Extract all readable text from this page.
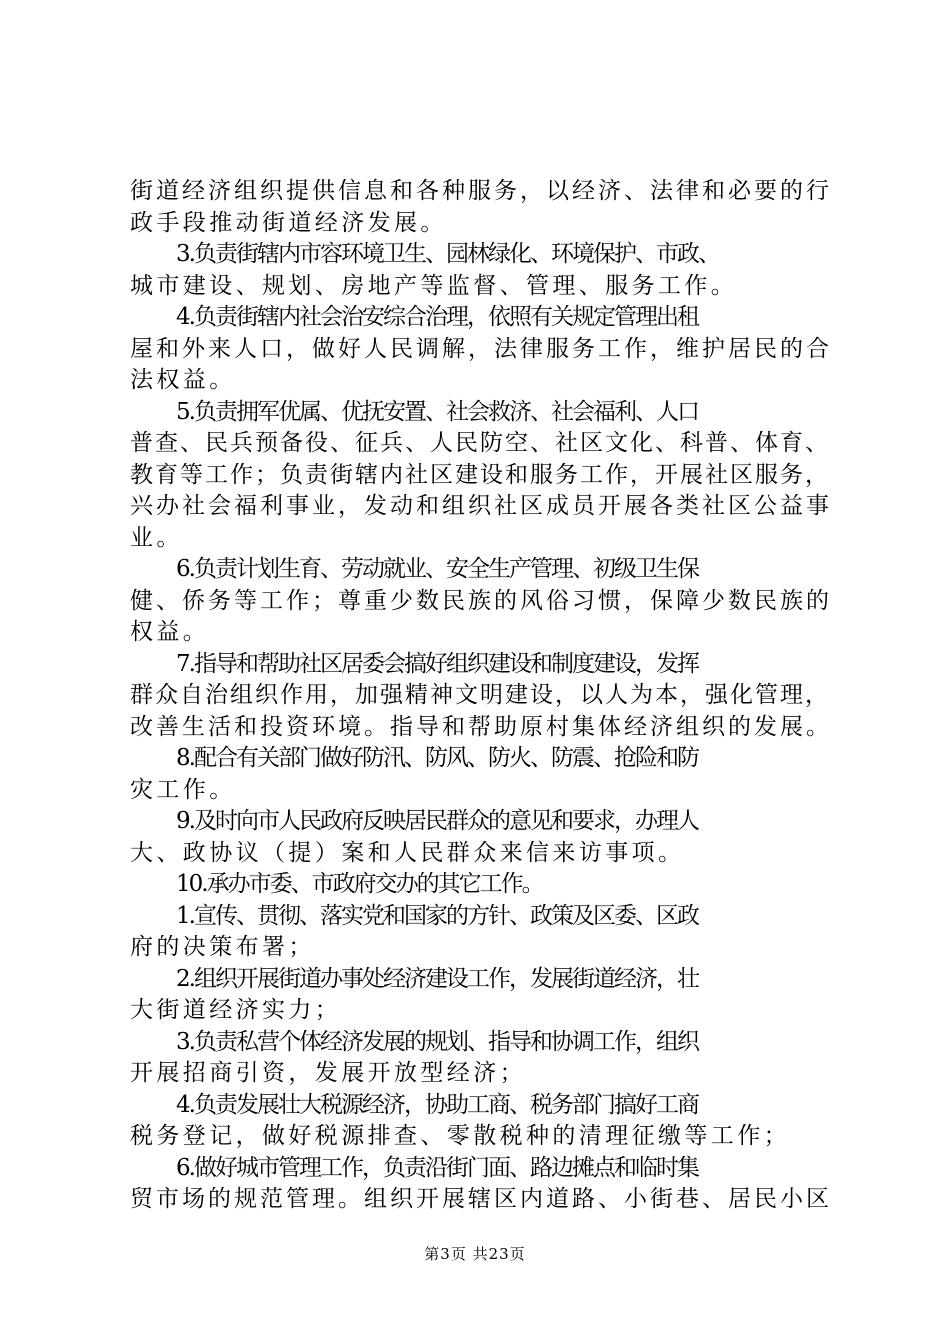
街道经济组织提供信息和各种服务，以经济、法律和必要的行
政手段推动街道经济发展。
3.负责街辖内市容环境卫生、园林绿化、环境保护、市政、
城市建设、规划、房地产等监督、管理、服务工作。
4.负责街辖内社会治安综合治理，依照有关规定管理出租
屋和外来人口，做好人民调解，法律服务工作，维护居民的合
法权益。
5.负责拥军优属、优抚安置、社会救济、社会福利、人口
普查、民兵预备役、征兵、人民防空、社区文化、科普、体育、
教育等工作；负责街辖内社区建设和服务工作，开展社区服务，
兴办社会福利事业，发动和组织社区成员开展各类社区公益事
业。
6.负责计划生育、劳动就业、安全生产管理、初级卫生保
健、侨务等工作；尊重少数民族的风俗习惯，保障少数民族的
权益。
7.指导和帮助社区居委会搞好组织建设和制度建设，发挥
群众自治组织作用，加强精神文明建设，以人为本，强化管理，
改善生活和投资环境。指导和帮助原村集体经济组织的发展。
8.配合有关部门做好防汛、防风、防火、防震、抢险和防
灾工作。
9.及时向市人民政府反映居民群众的意见和要求，办理人
大、政协议（提）案和人民群众来信来访事项。
10.承办市委、市政府交办的其它工作。
1.宣传、贯彻、落实党和国家的方针、政策及区委、区政
府的决策布署；
2.组织开展街道办事处经济建设工作，发展街道经济，壮
大街道经济实力；
3.负责私营个体经济发展的规划、指导和协调工作，组织
开展招商引资，发展开放型经济；
4.负责发展壮大税源经济，协助工商、税务部门搞好工商
税务登记，做好税源排查、零散税种的清理征缴等工作；
6.做好城市管理工作，负责沿街门面、路边摊点和临时集
贸市场的规范管理。组织开展辖区内道路、小街巷、居民小区
第3页 共23页
